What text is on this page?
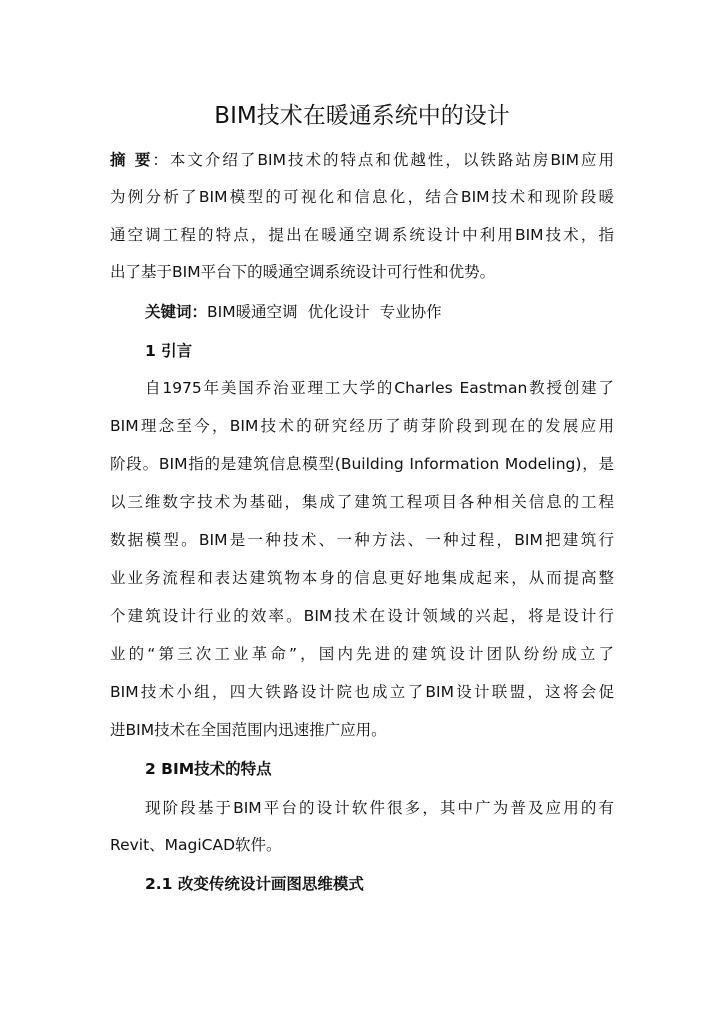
BIM技术在暖通系统中的设计
摘 要：本文介绍了BIM技术的特点和优越性，以铁路站房BIM应用
为例分析了BIM模型的可视化和信息化，结合BIM技术和现阶段暖
通空调工程的特点，提出在暖通空调系统设计中利用BIM技术，指
出了基于BIM平台下的暖通空调系统设计可行性和优势。
关键词：BIM暖通空调 优化设计 专业协作
1 引言
自1975年美国乔治亚理工大学的Charles Eastman教授创建了
BIM理念至今，BIM技术的研究经历了萌芽阶段到现在的发展应用
阶段。BIM指的是建筑信息模型(Building Information Modeling)，是
以三维数字技术为基础，集成了建筑工程项目各种相关信息的工程
数据模型。BIM是一种技术、一种方法、一种过程，BIM把建筑行
业业务流程和表达建筑物本身的信息更好地集成起来，从而提高整
个建筑设计行业的效率。BIM技术在设计领域的兴起，将是设计行
业的“第三次工业革命”，国内先进的建筑设计团队纷纷成立了
BIM技术小组，四大铁路设计院也成立了BIM设计联盟，这将会促
进BIM技术在全国范围内迅速推广应用。
2 BIM技术的特点
现阶段基于BIM平台的设计软件很多，其中广为普及应用的有
Revit、MagiCAD软件。
2.1 改变传统设计画图思维模式
